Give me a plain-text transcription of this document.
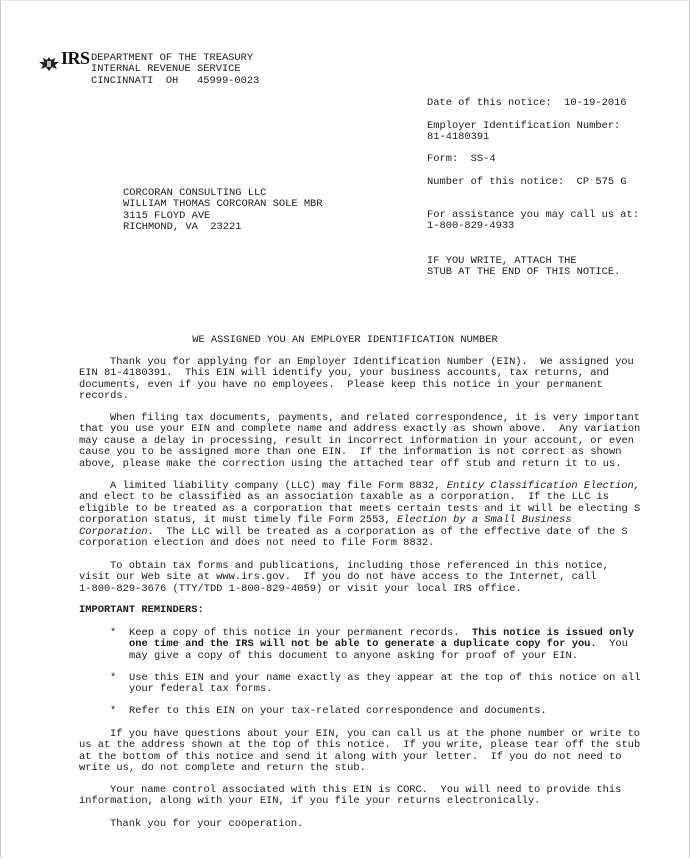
IRS DEPARTMENT OF THE TREASURY
INTERNAL REVENUE SERVICE
CINCINNATI  OH   45999-0023
Date of this notice:  10-19-2016
Employer Identification Number:
81-4180391
Form:  SS-4
Number of this notice:  CP 575 G
For assistance you may call us at:
1-800-829-4933
IF YOU WRITE, ATTACH THE
STUB AT THE END OF THIS NOTICE.
CORCORAN CONSULTING LLC
WILLIAM THOMAS CORCORAN SOLE MBR
3115 FLOYD AVE
RICHMOND, VA  23221
WE ASSIGNED YOU AN EMPLOYER IDENTIFICATION NUMBER
Thank you for applying for an Employer Identification Number (EIN).  We assigned you
EIN 81-4180391.  This EIN will identify you, your business accounts, tax returns, and
documents, even if you have no employees.  Please keep this notice in your permanent
records.
When filing tax documents, payments, and related correspondence, it is very important
that you use your EIN and complete name and address exactly as shown above.  Any variation
may cause a delay in processing, result in incorrect information in your account, or even
cause you to be assigned more than one EIN.  If the information is not correct as shown
above, please make the correction using the attached tear off stub and return it to us.
A limited liability company (LLC) may file Form 8832, Entity Classification Election,
and elect to be classified as an association taxable as a corporation.  If the LLC is
eligible to be treated as a corporation that meets certain tests and it will be electing S
corporation status, it must timely file Form 2553, Election by a Small Business
Corporation.  The LLC will be treated as a corporation as of the effective date of the S
corporation election and does not need to file Form 8832.
To obtain tax forms and publications, including those referenced in this notice,
visit our Web site at www.irs.gov.  If you do not have access to the Internet, call
1-800-829-3676 (TTY/TDD 1-800-829-4059) or visit your local IRS office.
IMPORTANT REMINDERS:
* Keep a copy of this notice in your permanent records.  This notice is issued only
one time and the IRS will not be able to generate a duplicate copy for you.  You
may give a copy of this document to anyone asking for proof of your EIN.
* Use this EIN and your name exactly as they appear at the top of this notice on all
your federal tax forms.
* Refer to this EIN on your tax-related correspondence and documents.
If you have questions about your EIN, you can call us at the phone number or write to
us at the address shown at the top of this notice.  If you write, please tear off the stub
at the bottom of this notice and send it along with your letter.  If you do not need to
write us, do not complete and return the stub.
Your name control associated with this EIN is CORC.  You will need to provide this
information, along with your EIN, if you file your returns electronically.
Thank you for your cooperation.
